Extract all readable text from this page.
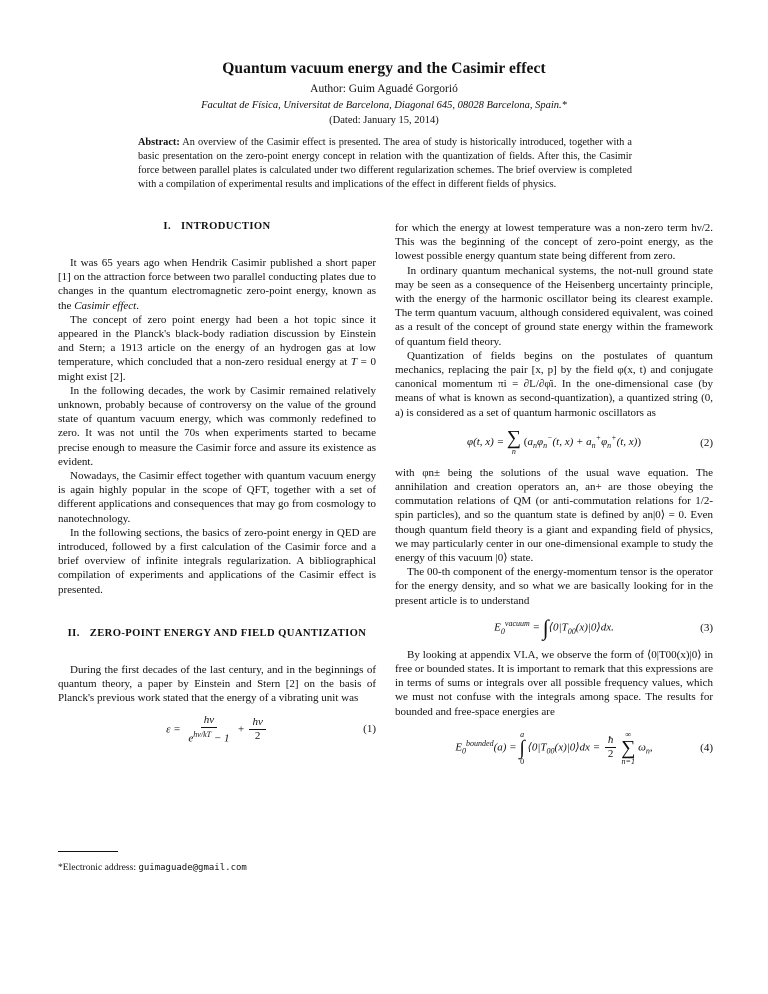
Quantum vacuum energy and the Casimir effect
Author: Guim Aguadé Gorgorió
Facultat de Física, Universitat de Barcelona, Diagonal 645, 08028 Barcelona, Spain.*
(Dated: January 15, 2014)
Abstract: An overview of the Casimir effect is presented. The area of study is historically introduced, together with a basic presentation on the zero-point energy concept in relation with the quantization of fields. After this, the Casimir force between parallel plates is calculated under two different regularization schemes. The brief overview is completed with a compilation of experimental results and implications of the effect in different fields of physics.
I. INTRODUCTION

It was 65 years ago when Hendrik Casimir published a short paper [1] on the attraction force between two parallel conducting plates due to changes in the quantum electromagnetic zero-point energy, known as the Casimir effect.

The concept of zero point energy had been a hot topic since it appeared in the Planck's black-body radiation discussion by Einstein and Stern; a 1913 article on the energy of an hydrogen gas at low temperature, which concluded that a non-zero residual energy at T = 0 might exist [2].

In the following decades, the work by Casimir remained relatively unknown, probably because of controversy on the value of the ground state of quantum vacuum energy, which was commonly redefined to zero. It was not until the 70s when experiments started to became precise enough to measure the Casimir force and assure its existence as evident.

Nowadays, the Casimir effect together with quantum vacuum energy is again highly popular in the scope of QFT, together with a set of different applications and consequences that may go from cosmology to nanotechnology.

In the following sections, the basics of zero-point energy in QED are introduced, followed by a first calculation of the Casimir force and a brief overview of infinite integrals regularization. A bibliographical compilation of experiments and applications of the Casimir effect is presented.

II. ZERO-POINT ENERGY AND FIELD QUANTIZATION

During the first decades of the last century, and in the beginnings of quantum theory, a paper by Einstein and Stern [2] on the basis of Planck's previous work stated that the energy of a vibrating unit was

$\varepsilon = \frac{h\nu}{e^{h\nu/kT} - 1} + \frac{h\nu}{2}$	(1)

for which the energy at lowest temperature was a non-zero term hν/2. This was the beginning of the concept of zero-point energy, as the lowest possible energy quantum state being different from zero.

In ordinary quantum mechanical systems, the not-null ground state may be seen as a consequence of the Heisenberg uncertainty principle, with the energy of the harmonic oscillator being its clearest example. The term quantum vacuum, although considered equivalent, was coined as a result of the concept of ground state energy within the framework of quantum field theory.

Quantization of fields begins on the postulates of quantum mechanics, replacing the pair [x, p] by the field φ(x, t) and conjugate canonical momentum πi = ∂L/∂φ̇i. In the one-dimensional case (by means of what is known as second-quantization), a quantized string (0, a) is considered as a set of quantum harmonic oscillators as

φ(t, x) = ∑
n
($a_n\varphi_n^-(t$, $x) + a_n^+\varphi_n^+(t$, x))	(2)

with φn± being the solutions of the usual wave equation. The annihilation and creation operators an, an+ are those obeying the commutation relations of QM (or anti-commutation relations for 1/2-spin particles), and so the quantum state is defined by an|0⟩ = 0. Even though quantum field theory is a giant and expanding field of physics, we may particularly center in our one-dimensional example to study the energy of this vacuum |0⟩ state.

The 00-th component of the energy-momentum tensor is the operator for the energy density, and so what we are basically looking for in the present article is to understand

$E_0^{vacuum}$ = $\int⟨0|T_{00}(x)|0⟩dx$.	(3)

By looking at appendix VI.A, we observe the form of ⟨0|T00(x)|0⟩ in free or bounded states. It is important to remark that this expressions are in terms of sums or integrals over all possible frequency values, which we must not confuse with the integrals among space. The results for bounded and free-space energies are

$E_0^{bounded}(a)$ =
a
∫
0
$⟨0|T_{00}(x)|0⟩dx = \frac{ħ}{2}$
∞
∑
n=1
$\omega_n$,	(4)
*Electronic address: guimaguade@gmail.com
